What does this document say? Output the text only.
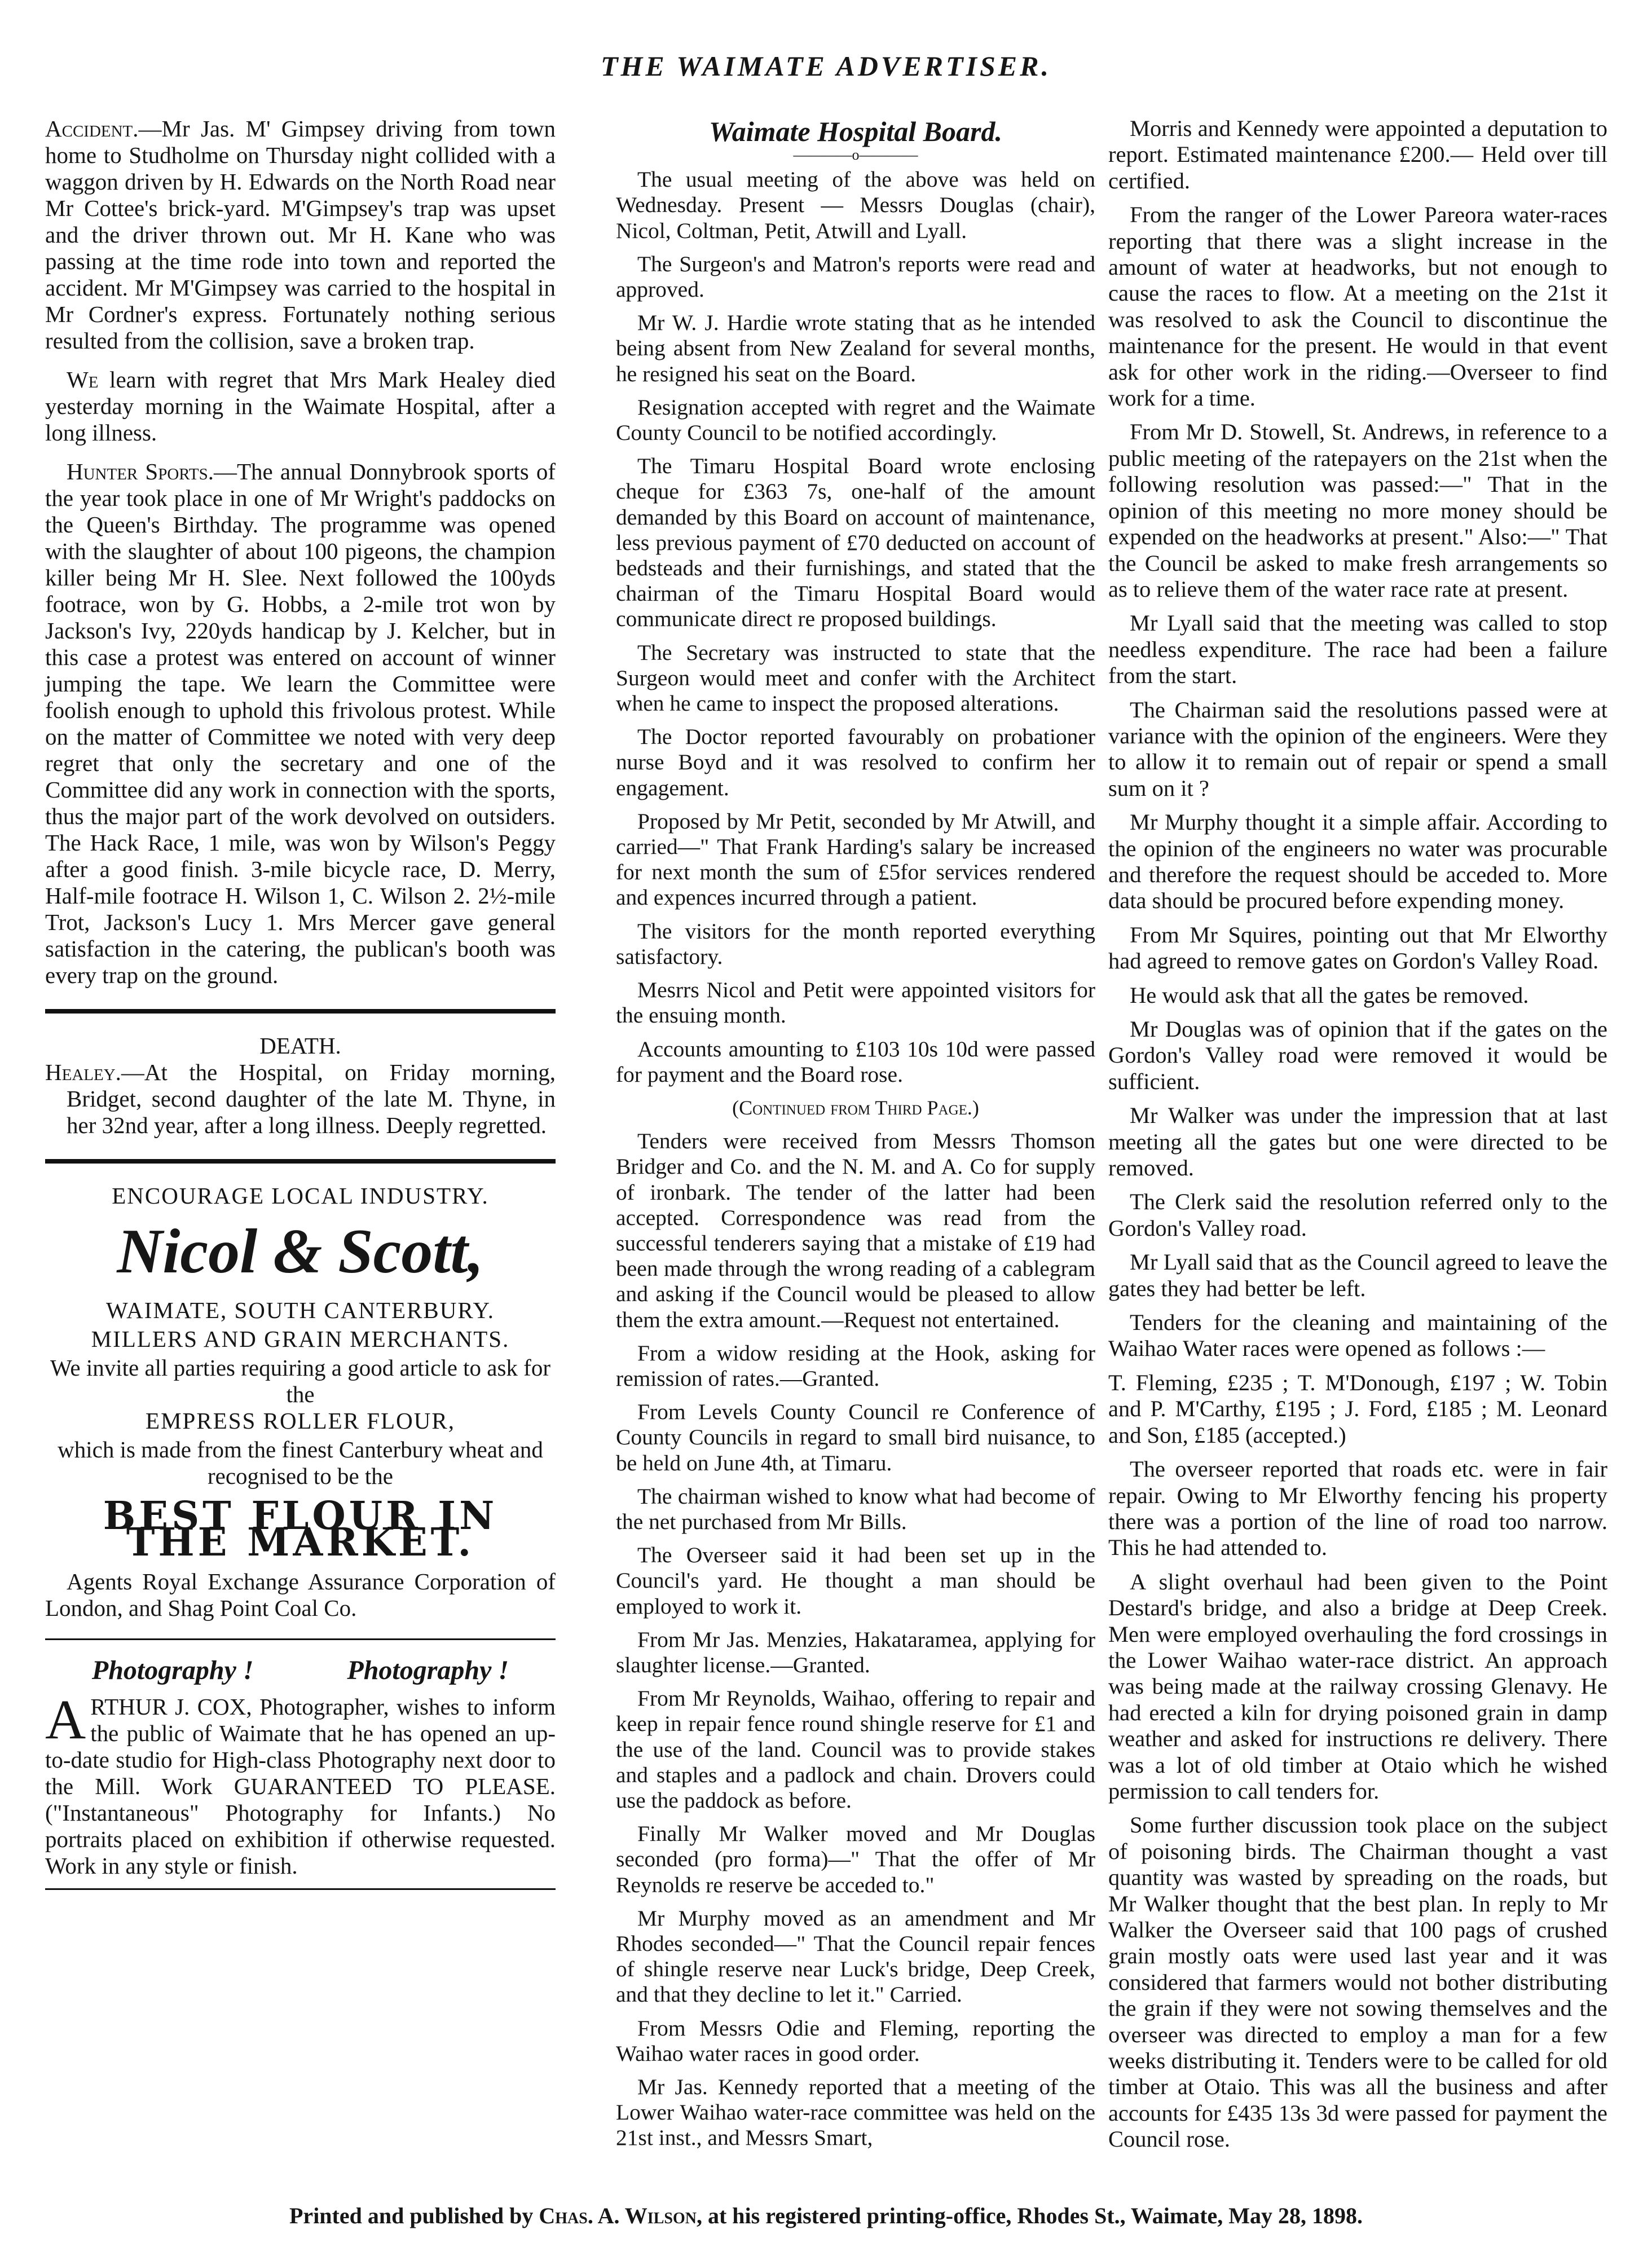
THE WAIMATE ADVERTISER.

Accident.—Mr Jas. M' Gimpsey driving from town home to Studholme on Thursday night collided with a waggon driven by H. Edwards on the North Road near Mr Cottee's brick-yard. M'Gimpsey's trap was upset and the driver thrown out. Mr H. Kane who was passing at the time rode into town and reported the accident. Mr M'Gimpsey was carried to the hospital in Mr Cordner's express. Fortunately nothing serious resulted from the collision, save a broken trap.

We learn with regret that Mrs Mark Healey died yesterday morning in the Waimate Hospital, after a long illness.

Hunter Sports.—The annual Donnybrook sports of the year took place in one of Mr Wright's paddocks on the Queen's Birthday. The programme was opened with the slaughter of about 100 pigeons, the champion killer being Mr H. Slee. Next followed the 100yds footrace, won by G. Hobbs, a 2-mile trot won by Jackson's Ivy, 220yds handicap by J. Kelcher, but in this case a protest was entered on account of winner jumping the tape. We learn the Committee were foolish enough to uphold this frivolous protest. While on the matter of Committee we noted with very deep regret that only the secretary and one of the Committee did any work in connection with the sports, thus the major part of the work devolved on outsiders. The Hack Race, 1 mile, was won by Wilson's Peggy after a good finish. 3-mile bicycle race, D. Merry, Half-mile footrace H. Wilson 1, C. Wilson 2. 2½-mile Trot, Jackson's Lucy 1. Mrs Mercer gave general satisfaction in the catering, the publican's booth was every trap on the ground.

DEATH.

Healey.—At the Hospital, on Friday morning, Bridget, second daughter of the late M. Thyne, in her 32nd year, after a long illness. Deeply regretted.

ENCOURAGE LOCAL INDUSTRY.
Nicol & Scott,
WAIMATE, SOUTH CANTERBURY.
MILLERS AND GRAIN MERCHANTS.
We invite all parties requiring a good article to ask for the
EMPRESS ROLLER FLOUR,
which is made from the finest Canterbury wheat and recognised to be the
BEST FLOUR IN THE MARKET.

Agents Royal Exchange Assurance Corporation of London, and Shag Point Coal Co.

Photography !	Photography !

ARTHUR J. COX, Photographer, wishes to inform the public of Waimate that he has opened an up-to-date studio for High-class Photography next door to the Mill. Work GUARANTEED TO PLEASE. ("Instantaneous" Photography for Infants.) No portraits placed on exhibition if otherwise requested. Work in any style or finish.

Waimate Hospital Board.
————o————

The usual meeting of the above was held on Wednesday. Present — Messrs Douglas (chair), Nicol, Coltman, Petit, Atwill and Lyall.

The Surgeon's and Matron's reports were read and approved.

Mr W. J. Hardie wrote stating that as he intended being absent from New Zealand for several months, he resigned his seat on the Board.

Resignation accepted with regret and the Waimate County Council to be notified accordingly.

The Timaru Hospital Board wrote enclosing cheque for £363 7s, one-half of the amount demanded by this Board on account of maintenance, less previous payment of £70 deducted on account of bedsteads and their furnishings, and stated that the chairman of the Timaru Hospital Board would communicate direct re proposed buildings.

The Secretary was instructed to state that the Surgeon would meet and confer with the Architect when he came to inspect the proposed alterations.

The Doctor reported favourably on probationer nurse Boyd and it was resolved to confirm her engagement.

Proposed by Mr Petit, seconded by Mr Atwill, and carried—" That Frank Harding's salary be increased for next month the sum of £5for services rendered and expences incurred through a patient.

The visitors for the month reported everything satisfactory.

Mesrrs Nicol and Petit were appointed visitors for the ensuing month.

Accounts amounting to £103 10s 10d were passed for payment and the Board rose.

(Continued from Third Page.)

Tenders were received from Messrs Thomson Bridger and Co. and the N. M. and A. Co for supply of ironbark. The tender of the latter had been accepted. Correspondence was read from the successful tenderers saying that a mistake of £19 had been made through the wrong reading of a cablegram and asking if the Council would be pleased to allow them the extra amount.—Request not entertained.

From a widow residing at the Hook, asking for remission of rates.—Granted.

From Levels County Council re Conference of County Councils in regard to small bird nuisance, to be held on June 4th, at Timaru.

The chairman wished to know what had become of the net purchased from Mr Bills.

The Overseer said it had been set up in the Council's yard. He thought a man should be employed to work it.

From Mr Jas. Menzies, Hakataramea, applying for slaughter license.—Granted.

From Mr Reynolds, Waihao, offering to repair and keep in repair fence round shingle reserve for £1 and the use of the land. Council was to provide stakes and staples and a padlock and chain. Drovers could use the paddock as before.

Finally Mr Walker moved and Mr Douglas seconded (pro forma)—" That the offer of Mr Reynolds re reserve be acceded to."

Mr Murphy moved as an amendment and Mr Rhodes seconded—" That the Council repair fences of shingle reserve near Luck's bridge, Deep Creek, and that they decline to let it." Carried.

From Messrs Odie and Fleming, reporting the Waihao water races in good order.

Mr Jas. Kennedy reported that a meeting of the Lower Waihao water-race committee was held on the 21st inst., and Messrs Smart,

Morris and Kennedy were appointed a deputation to report. Estimated maintenance £200.— Held over till certified.

From the ranger of the Lower Pareora water-races reporting that there was a slight increase in the amount of water at headworks, but not enough to cause the races to flow. At a meeting on the 21st it was resolved to ask the Council to discontinue the maintenance for the present. He would in that event ask for other work in the riding.—Overseer to find work for a time.

From Mr D. Stowell, St. Andrews, in reference to a public meeting of the ratepayers on the 21st when the following resolution was passed:—" That in the opinion of this meeting no more money should be expended on the headworks at present." Also:—" That the Council be asked to make fresh arrangements so as to relieve them of the water race rate at present.

Mr Lyall said that the meeting was called to stop needless expenditure. The race had been a failure from the start.

The Chairman said the resolutions passed were at variance with the opinion of the engineers. Were they to allow it to remain out of repair or spend a small sum on it ?

Mr Murphy thought it a simple affair. According to the opinion of the engineers no water was procurable and therefore the request should be acceded to. More data should be procured before expending money.

From Mr Squires, pointing out that Mr Elworthy had agreed to remove gates on Gordon's Valley Road.

He would ask that all the gates be removed.

Mr Douglas was of opinion that if the gates on the Gordon's Valley road were removed it would be sufficient.

Mr Walker was under the impression that at last meeting all the gates but one were directed to be removed.

The Clerk said the resolution referred only to the Gordon's Valley road.

Mr Lyall said that as the Council agreed to leave the gates they had better be left.

Tenders for the cleaning and maintaining of the Waihao Water races were opened as follows :—

T. Fleming, £235 ; T. M'Donough, £197 ; W. Tobin and P. M'Carthy, £195 ; J. Ford, £185 ; M. Leonard and Son, £185 (accepted.)

The overseer reported that roads etc. were in fair repair. Owing to Mr Elworthy fencing his property there was a portion of the line of road too narrow. This he had attended to.

A slight overhaul had been given to the Point Destard's bridge, and also a bridge at Deep Creek. Men were employed overhauling the ford crossings in the Lower Waihao water-race district. An approach was being made at the railway crossing Glenavy. He had erected a kiln for drying poisoned grain in damp weather and asked for instructions re delivery. There was a lot of old timber at Otaio which he wished permission to call tenders for.

Some further discussion took place on the subject of poisoning birds. The Chairman thought a vast quantity was wasted by spreading on the roads, but Mr Walker thought that the best plan. In reply to Mr Walker the Overseer said that 100 pags of crushed grain mostly oats were used last year and it was considered that farmers would not bother distributing the grain if they were not sowing themselves and the overseer was directed to employ a man for a few weeks distributing it. Tenders were to be called for old timber at Otaio. This was all the business and after accounts for £435 13s 3d were passed for payment the Council rose.

Printed and published by Chas. A. Wilson, at his registered printing-office, Rhodes St., Waimate, May 28, 1898.
